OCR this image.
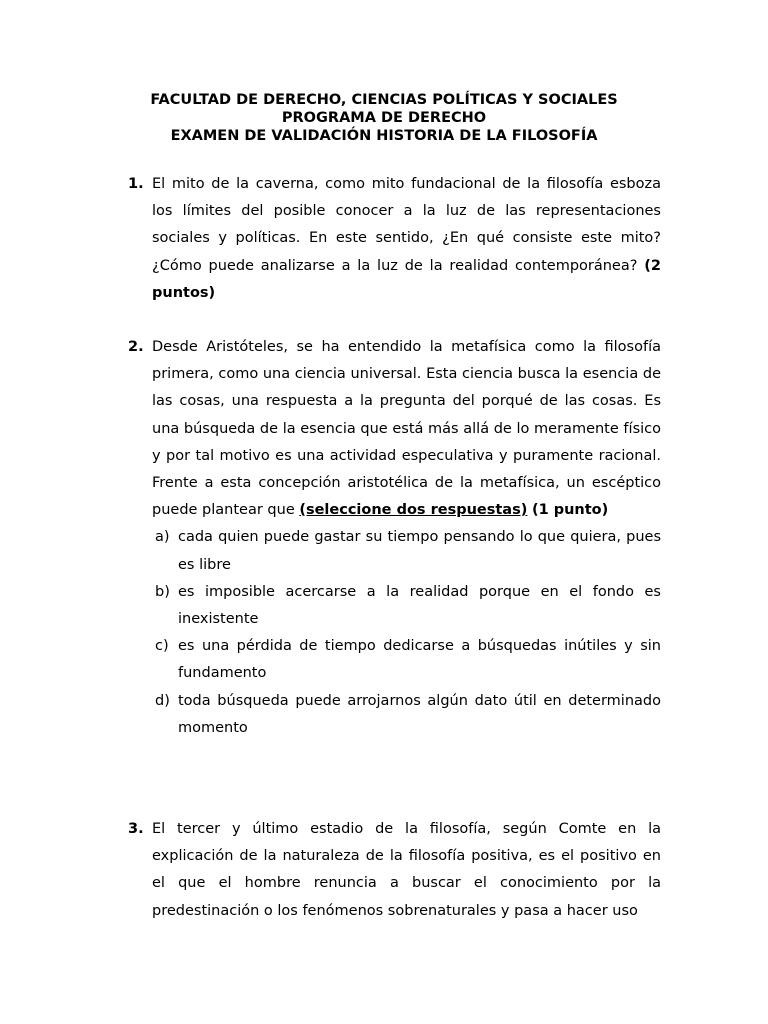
FACULTAD DE DERECHO, CIENCIAS POLÍTICAS Y SOCIALES
PROGRAMA DE DERECHO
EXAMEN DE VALIDACIÓN HISTORIA DE LA FILOSOFÍA
1. El mito de la caverna, como mito fundacional de la filosofía esboza los límites del posible conocer a la luz de las representaciones sociales y políticas. En este sentido, ¿En qué consiste este mito? ¿Cómo puede analizarse a la luz de la realidad contemporánea? (2 puntos)
2. Desde Aristóteles, se ha entendido la metafísica como la filosofía primera, como una ciencia universal. Esta ciencia busca la esencia de las cosas, una respuesta a la pregunta del porqué de las cosas. Es una búsqueda de la esencia que está más allá de lo meramente físico y por tal motivo es una actividad especulativa y puramente racional. Frente a esta concepción aristotélica de la metafísica, un escéptico puede plantear que (seleccione dos respuestas) (1 punto)
a) cada quien puede gastar su tiempo pensando lo que quiera, pues es libre
b) es imposible acercarse a la realidad porque en el fondo es inexistente
c) es una pérdida de tiempo dedicarse a búsquedas inútiles y sin fundamento
d) toda búsqueda puede arrojarnos algún dato útil en determinado momento
3. El tercer y último estadio de la filosofía, según Comte en la explicación de la naturaleza de la filosofía positiva, es el positivo en el que el hombre renuncia a buscar el conocimiento por la predestinación o los fenómenos sobrenaturales y pasa a hacer uso
